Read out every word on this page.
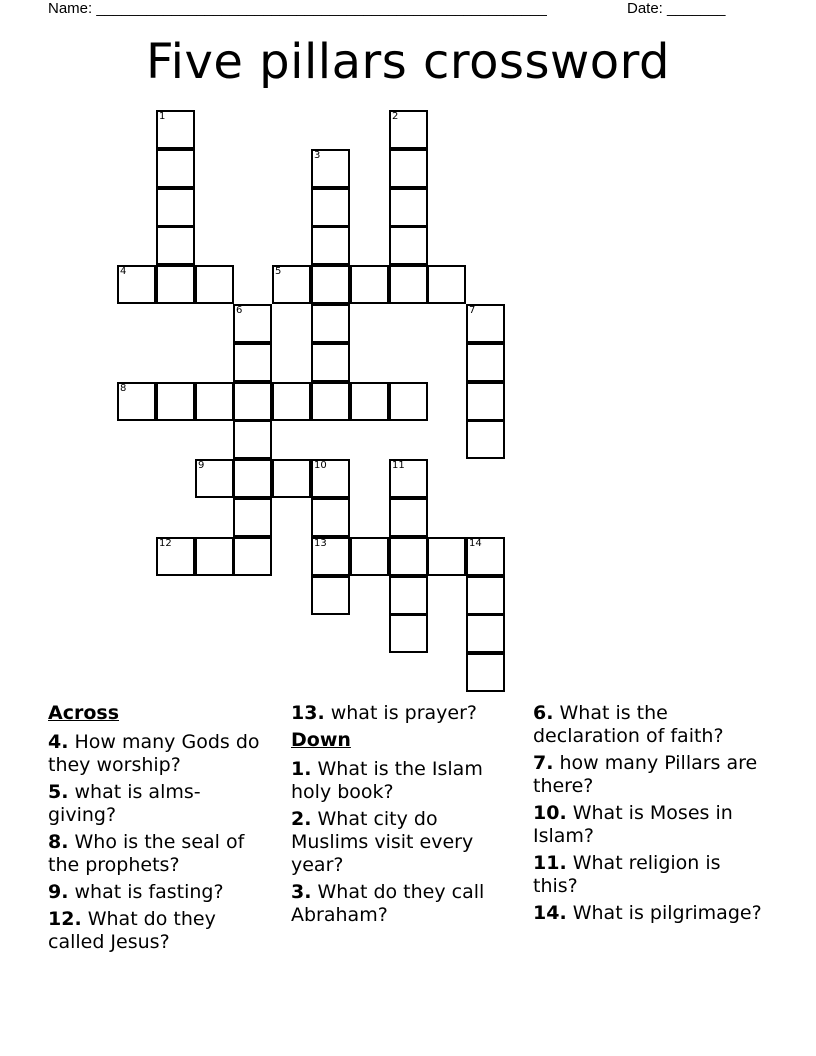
Name: ______________________________________________________	Date: _______
Five pillars crossword
1	2
3
4	5
6	7
8
9	10
13
11
12	14
Across
4. How many Gods do they worship?
5. what is alms-giving?
8. Who is the seal of the prophets?
9. what is fasting?
12. What do they called Jesus?
13. what is prayer?
Down
1. What is the Islam holy book?
2. What city do Muslims visit every year?
3. What do they call Abraham?
6. What is the declaration of faith?
7. how many Pillars are there?
10. What is Moses in Islam?
11. What religion is this?
14. What is pilgrimage?
